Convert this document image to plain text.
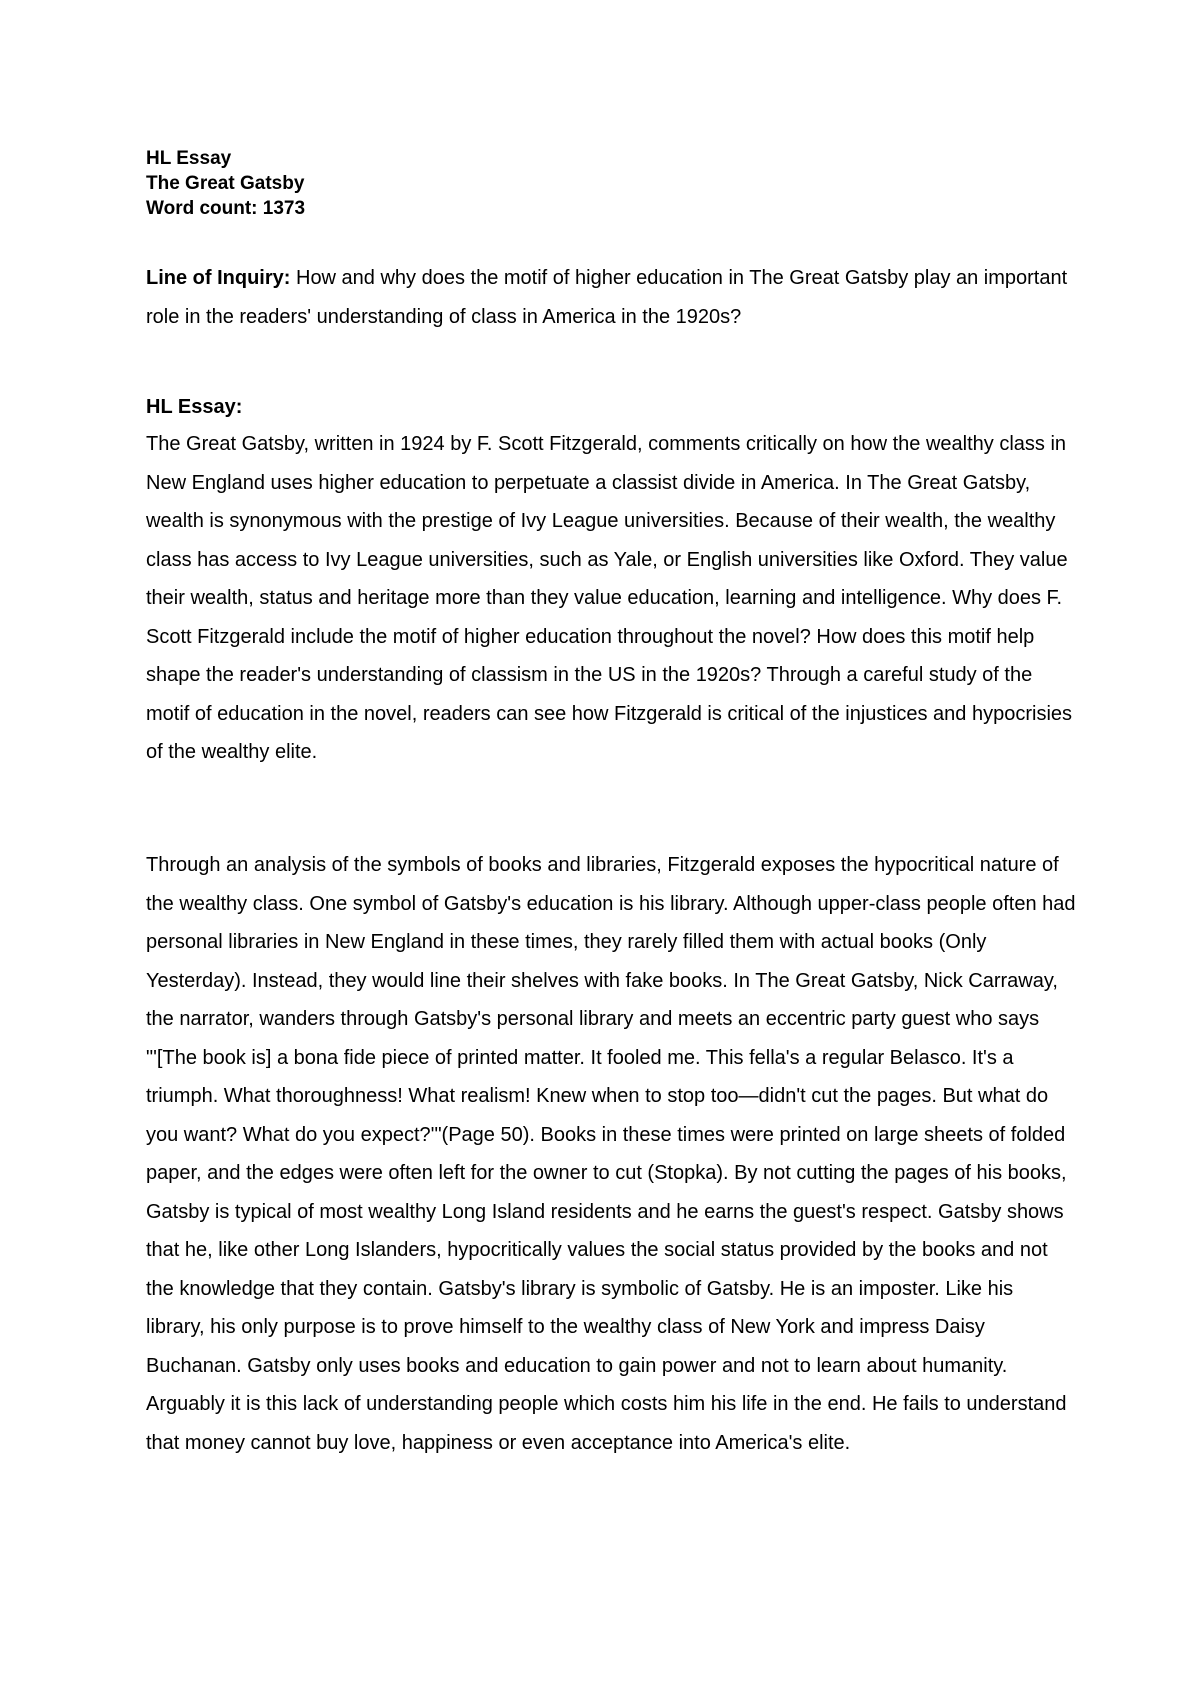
HL Essay
The Great Gatsby
Word count: 1373
Line of Inquiry: How and why does the motif of higher education in The Great Gatsby play an important role in the readers' understanding of class in America in the 1920s?
HL Essay:
The Great Gatsby, written in 1924 by F. Scott Fitzgerald, comments critically on how the wealthy class in New England uses higher education to perpetuate a classist divide in America. In The Great Gatsby, wealth is synonymous with the prestige of Ivy League universities. Because of their wealth, the wealthy class has access to Ivy League universities, such as Yale, or English universities like Oxford. They value their wealth, status and heritage more than they value education, learning and intelligence. Why does F. Scott Fitzgerald include the motif of higher education throughout the novel? How does this motif help shape the reader's understanding of classism in the US in the 1920s? Through a careful study of the motif of education in the novel, readers can see how Fitzgerald is critical of the injustices and hypocrisies of the wealthy elite.
Through an analysis of the symbols of books and libraries, Fitzgerald exposes the hypocritical nature of the wealthy class. One symbol of Gatsby's education is his library. Although upper-class people often had personal libraries in New England in these times, they rarely filled them with actual books (Only Yesterday). Instead, they would line their shelves with fake books. In The Great Gatsby, Nick Carraway, the narrator, wanders through Gatsby's personal library and meets an eccentric party guest who says "'[The book is] a bona fide piece of printed matter. It fooled me. This fella's a regular Belasco. It's a triumph. What thoroughness! What realism! Knew when to stop too—didn't cut the pages. But what do you want? What do you expect?'"(Page 50). Books in these times were printed on large sheets of folded paper, and the edges were often left for the owner to cut (Stopka). By not cutting the pages of his books, Gatsby is typical of most wealthy Long Island residents and he earns the guest's respect. Gatsby shows that he, like other Long Islanders, hypocritically values the social status provided by the books and not the knowledge that they contain. Gatsby's library is symbolic of Gatsby. He is an imposter. Like his library, his only purpose is to prove himself to the wealthy class of New York and impress Daisy Buchanan. Gatsby only uses books and education to gain power and not to learn about humanity. Arguably it is this lack of understanding people which costs him his life in the end. He fails to understand that money cannot buy love, happiness or even acceptance into America's elite.
